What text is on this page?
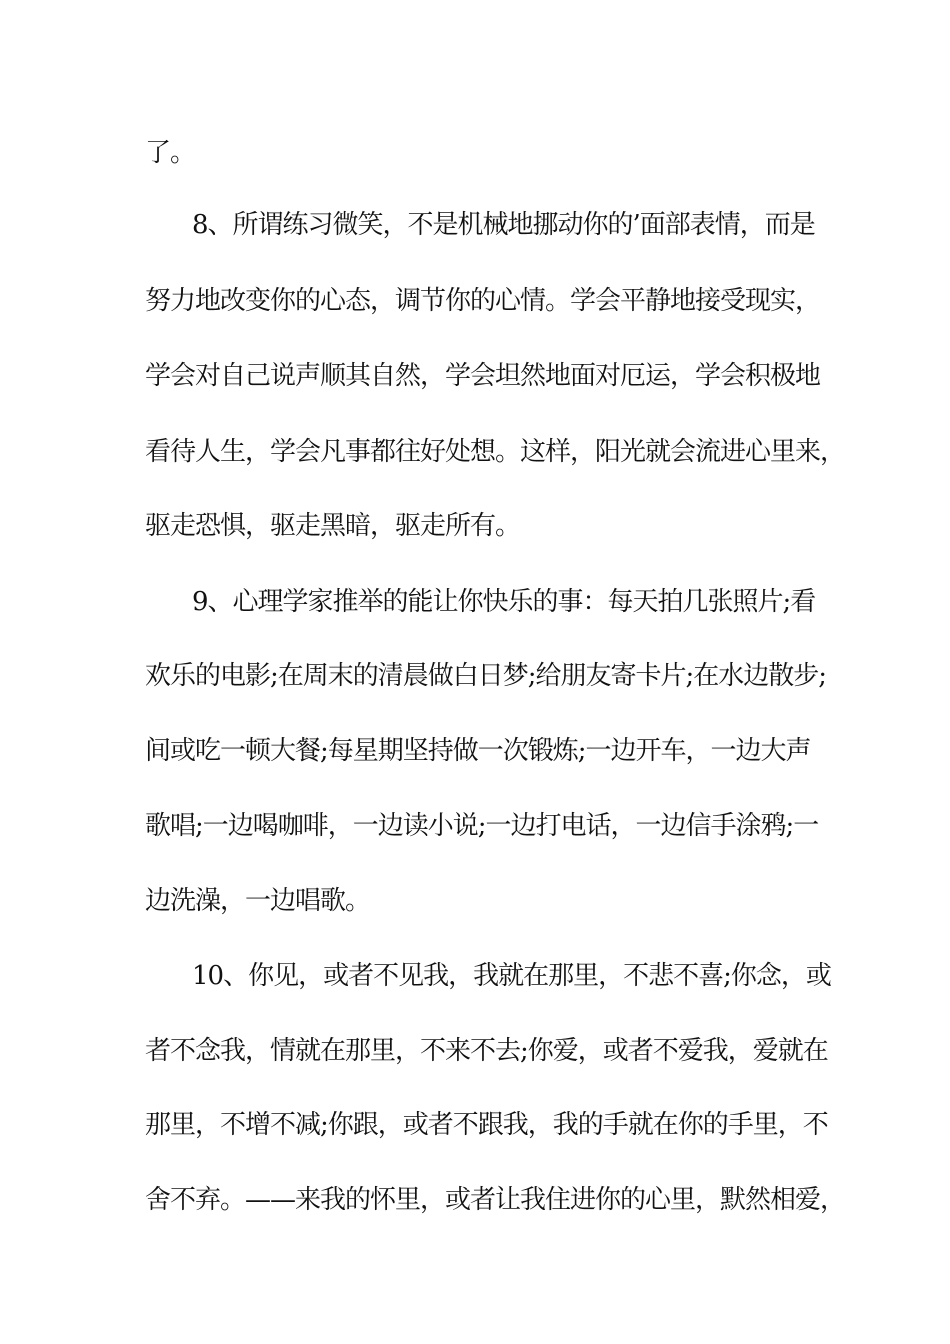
了。
8、所谓练习微笑，不是机械地挪动你的’面部表情，而是
努力地改变你的心态，调节你的心情。学会平静地接受现实，
学会对自己说声顺其自然，学会坦然地面对厄运，学会积极地
看待人生，学会凡事都往好处想。这样，阳光就会流进心里来，
驱走恐惧，驱走黑暗，驱走所有。
9、心理学家推举的能让你快乐的事：每天拍几张照片;看
欢乐的电影;在周末的清晨做白日梦;给朋友寄卡片;在水边散步;
间或吃一顿大餐;每星期坚持做一次锻炼;一边开车，一边大声
歌唱;一边喝咖啡，一边读小说;一边打电话，一边信手涂鸦;一
边洗澡，一边唱歌。
10、你见，或者不见我，我就在那里，不悲不喜;你念，或
者不念我，情就在那里，不来不去;你爱，或者不爱我，爱就在
那里，不增不减;你跟，或者不跟我，我的手就在你的手里，不
舍不弃。——来我的怀里，或者让我住进你的心里，默然相爱，
